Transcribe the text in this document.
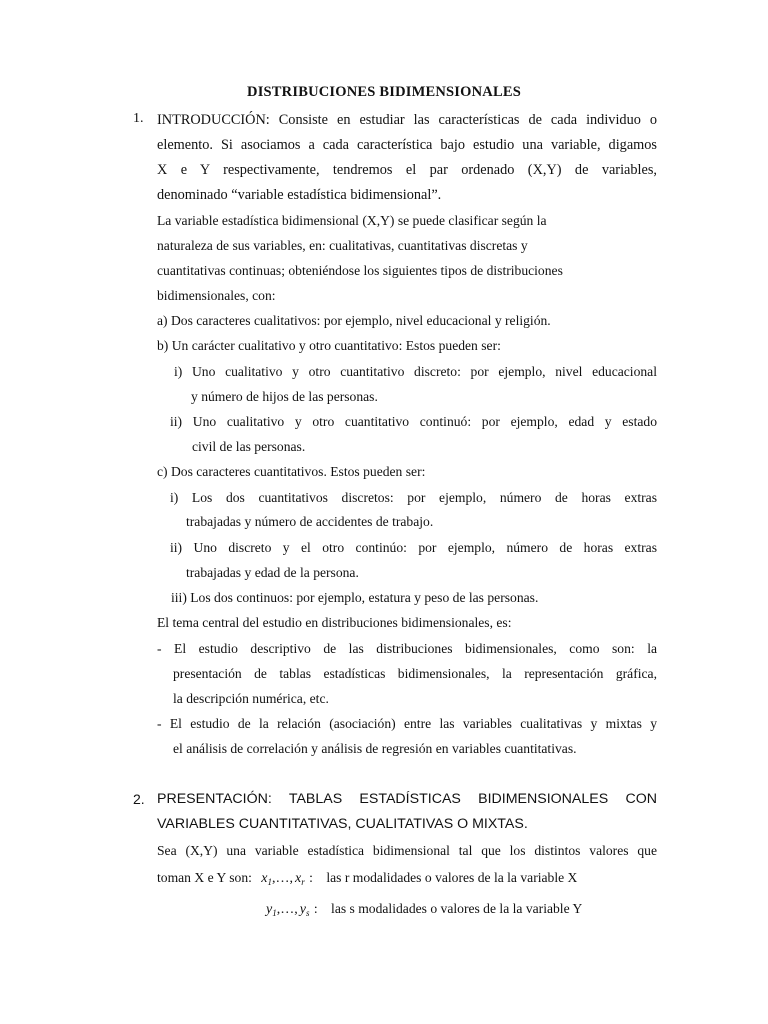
DISTRIBUCIONES BIDIMENSIONALES
1. INTRODUCCIÓN: Consiste en estudiar las características de cada individuo o
elemento. Si asociamos a cada característica bajo estudio una variable, digamos
X e Y respectivamente, tendremos el par ordenado (X,Y) de variables,
denominado “variable estadística bidimensional”.
La variable estadística bidimensional (X,Y) se puede clasificar según la
naturaleza de sus variables, en: cualitativas, cuantitativas discretas y
cuantitativas continuas; obteniéndose los siguientes tipos de distribuciones
bidimensionales, con:
a) Dos caracteres cualitativos: por ejemplo, nivel educacional y religión.
b) Un carácter cualitativo y otro cuantitativo: Estos pueden ser:
i) Uno cualitativo y otro cuantitativo discreto: por ejemplo, nivel educacional
y número de hijos de las personas.
ii) Uno cualitativo y otro cuantitativo continuó: por ejemplo, edad y estado
civil de las personas.
c) Dos caracteres cuantitativos. Estos pueden ser:
i) Los dos cuantitativos discretos: por ejemplo, número de horas extras
trabajadas y número de accidentes de trabajo.
ii) Uno discreto y el otro continúo: por ejemplo, número de horas extras
trabajadas y edad de la persona.
iii) Los dos continuos: por ejemplo, estatura y peso de las personas.
El tema central del estudio en distribuciones bidimensionales, es:
- El estudio descriptivo de las distribuciones bidimensionales, como son: la
presentación de tablas estadísticas bidimensionales, la representación gráfica,
la descripción numérica, etc.
- El estudio de la relación (asociación) entre las variables cualitativas y mixtas y
el análisis de correlación y análisis de regresión en variables cuantitativas.
2. PRESENTACIÓN: TABLAS ESTADÍSTICAS BIDIMENSIONALES CON
VARIABLES CUANTITATIVAS, CUALITATIVAS O MIXTAS.
Sea (X,Y) una variable estadística bidimensional tal que los distintos valores que
toman X e Y son: $x_1,\dots$, $x_r$ : las r modalidades o valores de la la variable X
$y_1,\dots$, $y_s$ : las s modalidades o valores de la la variable Y
